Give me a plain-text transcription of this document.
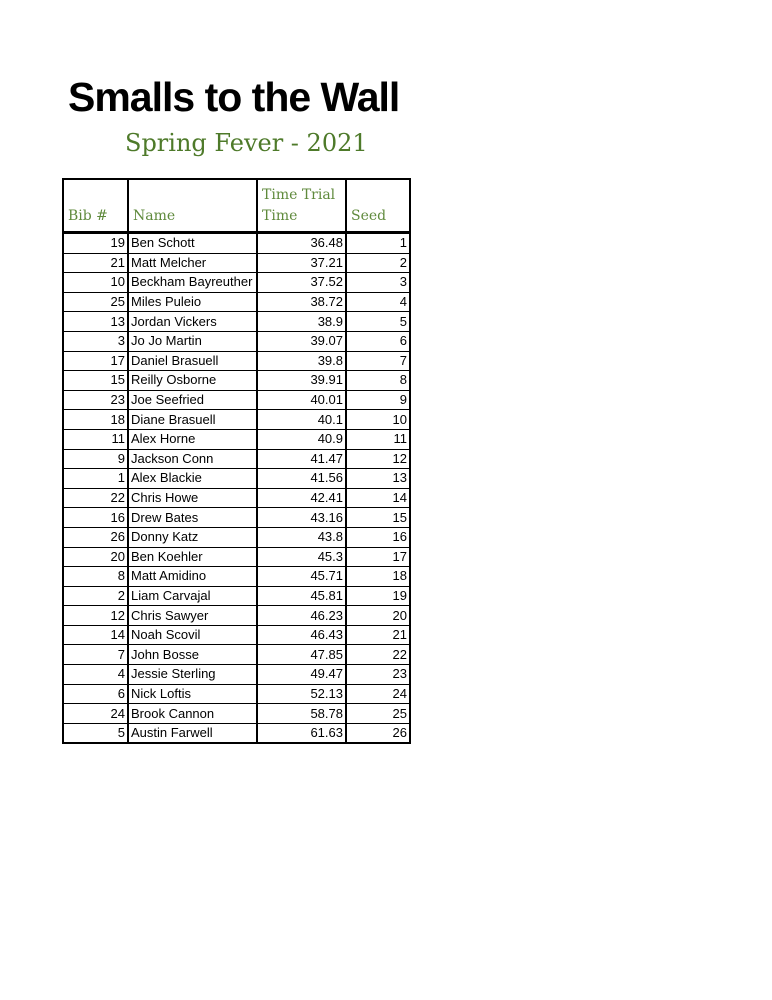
Smalls to the Wall
Spring Fever - 2021
Bib #	Name	Time Trial Time	Seed
19	Ben Schott	36.48	1
21	Matt Melcher	37.21	2
10	Beckham Bayreuther	37.52	3
25	Miles Puleio	38.72	4
13	Jordan Vickers	38.9	5
3	Jo Jo Martin	39.07	6
17	Daniel Brasuell	39.8	7
15	Reilly Osborne	39.91	8
23	Joe Seefried	40.01	9
18	Diane Brasuell	40.1	10
11	Alex Horne	40.9	11
9	Jackson Conn	41.47	12
1	Alex Blackie	41.56	13
22	Chris Howe	42.41	14
16	Drew Bates	43.16	15
26	Donny Katz	43.8	16
20	Ben Koehler	45.3	17
8	Matt Amidino	45.71	18
2	Liam Carvajal	45.81	19
12	Chris Sawyer	46.23	20
14	Noah Scovil	46.43	21
7	John Bosse	47.85	22
4	Jessie Sterling	49.47	23
6	Nick Loftis	52.13	24
24	Brook Cannon	58.78	25
5	Austin Farwell	61.63	26
